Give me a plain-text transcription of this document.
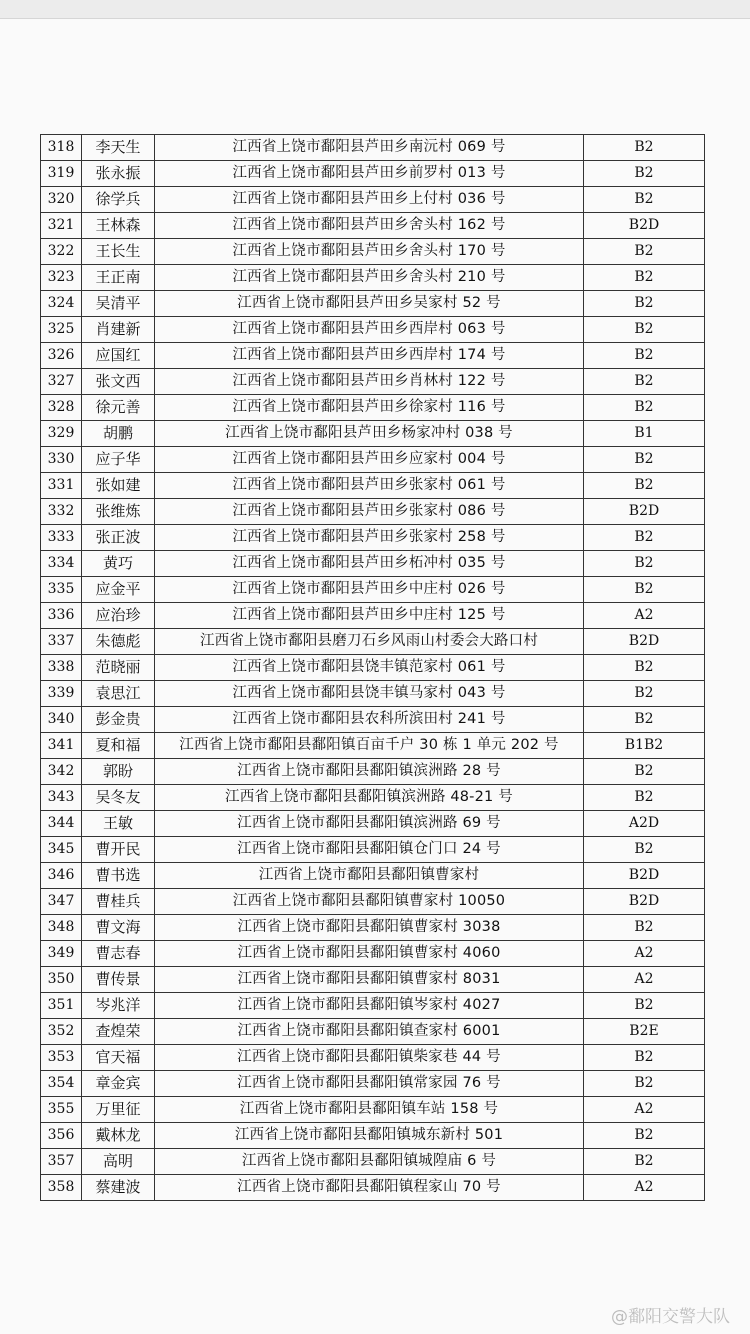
318	李天生	江西省上饶市鄱阳县芦田乡南沅村 069 号	B2
319	张永振	江西省上饶市鄱阳县芦田乡前罗村 013 号	B2
320	徐学兵	江西省上饶市鄱阳县芦田乡上付村 036 号	B2
321	王林森	江西省上饶市鄱阳县芦田乡舍头村 162 号	B2D
322	王长生	江西省上饶市鄱阳县芦田乡舍头村 170 号	B2
323	王正南	江西省上饶市鄱阳县芦田乡舍头村 210 号	B2
324	吴清平	江西省上饶市鄱阳县芦田乡吴家村 52 号	B2
325	肖建新	江西省上饶市鄱阳县芦田乡西岸村 063 号	B2
326	应国红	江西省上饶市鄱阳县芦田乡西岸村 174 号	B2
327	张文西	江西省上饶市鄱阳县芦田乡肖林村 122 号	B2
328	徐元善	江西省上饶市鄱阳县芦田乡徐家村 116 号	B2
329	胡鹏	江西省上饶市鄱阳县芦田乡杨家冲村 038 号	B1
330	应子华	江西省上饶市鄱阳县芦田乡应家村 004 号	B2
331	张如建	江西省上饶市鄱阳县芦田乡张家村 061 号	B2
332	张维炼	江西省上饶市鄱阳县芦田乡张家村 086 号	B2D
333	张正波	江西省上饶市鄱阳县芦田乡张家村 258 号	B2
334	黄巧	江西省上饶市鄱阳县芦田乡柘冲村 035 号	B2
335	应金平	江西省上饶市鄱阳县芦田乡中庄村 026 号	B2
336	应治珍	江西省上饶市鄱阳县芦田乡中庄村 125 号	A2
337	朱德彪	江西省上饶市鄱阳县磨刀石乡风雨山村委会大路口村	B2D
338	范晓丽	江西省上饶市鄱阳县饶丰镇范家村 061 号	B2
339	袁思江	江西省上饶市鄱阳县饶丰镇马家村 043 号	B2
340	彭金贵	江西省上饶市鄱阳县农科所滨田村 241 号	B2
341	夏和福	江西省上饶市鄱阳县鄱阳镇百亩千户 30 栋 1 单元 202 号	B1B2
342	郭盼	江西省上饶市鄱阳县鄱阳镇滨洲路 28 号	B2
343	吴冬友	江西省上饶市鄱阳县鄱阳镇滨洲路 48-21 号	B2
344	王敏	江西省上饶市鄱阳县鄱阳镇滨洲路 69 号	A2D
345	曹开民	江西省上饶市鄱阳县鄱阳镇仓门口 24 号	B2
346	曹书选	江西省上饶市鄱阳县鄱阳镇曹家村	B2D
347	曹桂兵	江西省上饶市鄱阳县鄱阳镇曹家村 10050	B2D
348	曹文海	江西省上饶市鄱阳县鄱阳镇曹家村 3038	B2
349	曹志春	江西省上饶市鄱阳县鄱阳镇曹家村 4060	A2
350	曹传景	江西省上饶市鄱阳县鄱阳镇曹家村 8031	A2
351	岑兆洋	江西省上饶市鄱阳县鄱阳镇岑家村 4027	B2
352	查煌荣	江西省上饶市鄱阳县鄱阳镇查家村 6001	B2E
353	官天福	江西省上饶市鄱阳县鄱阳镇柴家巷 44 号	B2
354	章金宾	江西省上饶市鄱阳县鄱阳镇常家园 76 号	B2
355	万里征	江西省上饶市鄱阳县鄱阳镇车站 158 号	A2
356	戴林龙	江西省上饶市鄱阳县鄱阳镇城东新村 501	B2
357	高明	江西省上饶市鄱阳县鄱阳镇城隍庙 6 号	B2
358	蔡建波	江西省上饶市鄱阳县鄱阳镇程家山 70 号	A2
@鄱阳交警大队
